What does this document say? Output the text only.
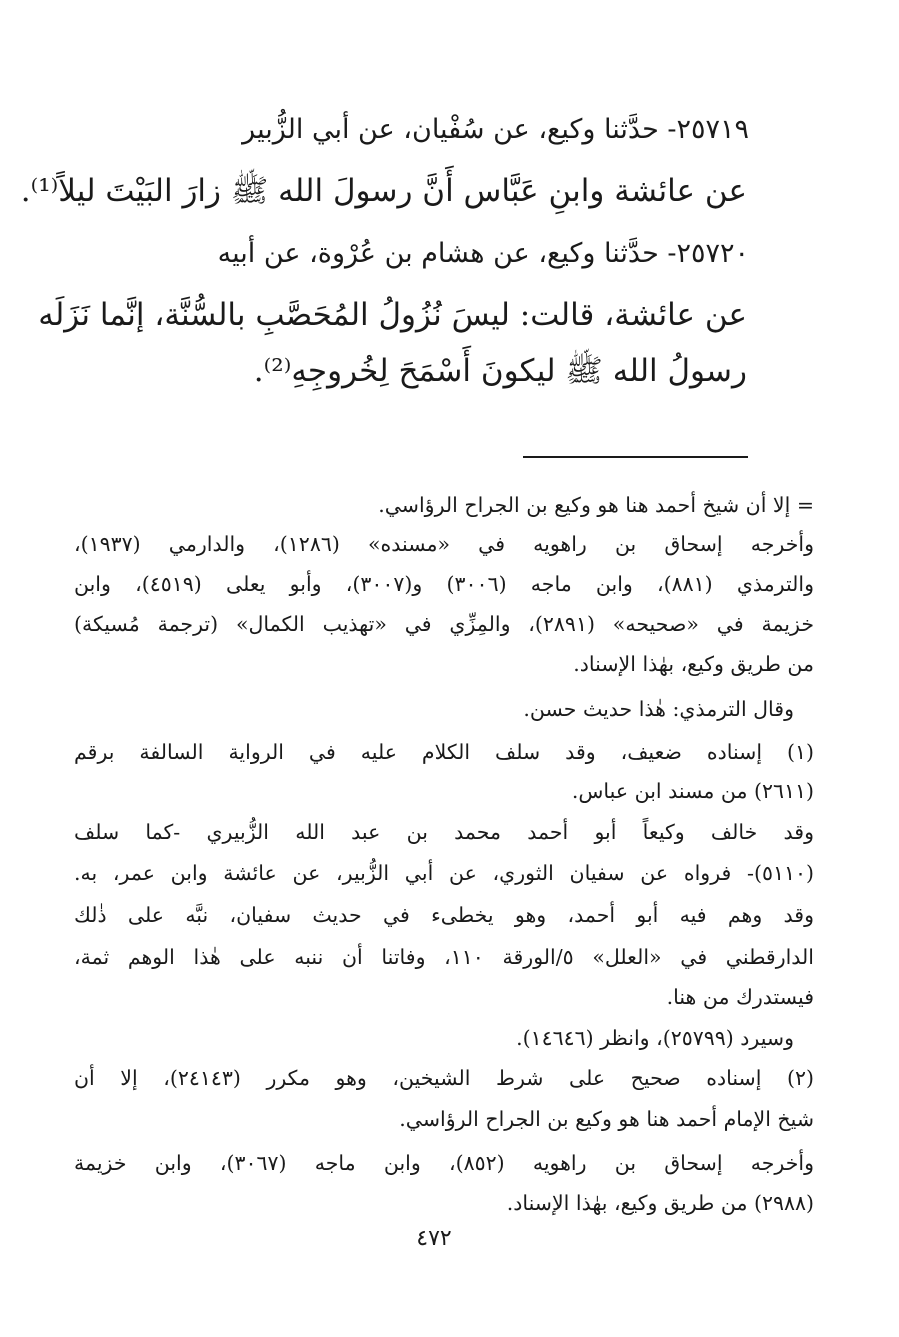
٢٥٧١٩- حدَّثنا وكيع، عن سُفْيان، عن أبي الزُّبير
عن عائشة وابنِ عَبَّاس أَنَّ رسولَ الله ﷺ زارَ البَيْتَ ليلاً⁽¹⁾.
٢٥٧٢٠- حدَّثنا وكيع، عن هشام بن عُرْوة، عن أبيه
عن عائشة، قالت: ليسَ نُزُولُ المُحَصَّبِ بالسُّنَّة، إنَّما نَزَلَه
رسولُ الله ﷺ ليكونَ أَسْمَحَ لِخُروجِهِ⁽²⁾.
= إلا أن شيخ أحمد هنا هو وكيع بن الجراح الرؤاسي.
وأخرجه إسحاق بن راهويه في «مسنده» (١٢٨٦)، والدارمي (١٩٣٧)،
والترمذي (٨٨١)، وابن ماجه (٣٠٠٦) و(٣٠٠٧)، وأبو يعلى (٤٥١٩)، وابن
خزيمة في «صحيحه» (٢٨٩١)، والمِزِّي في «تهذيب الكمال» (ترجمة مُسيكة)
من طريق وكيع، بهٰذا الإسناد.
وقال الترمذي: هٰذا حديث حسن.
(١) إسناده ضعيف، وقد سلف الكلام عليه في الرواية السالفة برقم
(٢٦١١) من مسند ابن عباس.
وقد خالف وكيعاً أبو أحمد محمد بن عبد الله الزُّبيري -كما سلف
(٥١١٠)- فرواه عن سفيان الثوري، عن أبي الزُّبير، عن عائشة وابن عمر، به.
وقد وهم فيه أبو أحمد، وهو يخطىء في حديث سفيان، نبَّه على ذٰلك
الدارقطني في «العلل» ٥/الورقة ١١٠، وفاتنا أن ننبه على هٰذا الوهم ثمة،
فيستدرك من هنا.
وسيرد (٢٥٧٩٩)، وانظر (١٤٦٤٦).
(٢) إسناده صحيح على شرط الشيخين، وهو مكرر (٢٤١٤٣)، إلا أن
شيخ الإمام أحمد هنا هو وكيع بن الجراح الرؤاسي.
وأخرجه إسحاق بن راهويه (٨٥٢)، وابن ماجه (٣٠٦٧)، وابن خزيمة
(٢٩٨٨) من طريق وكيع، بهٰذا الإسناد.
٤٧٢
